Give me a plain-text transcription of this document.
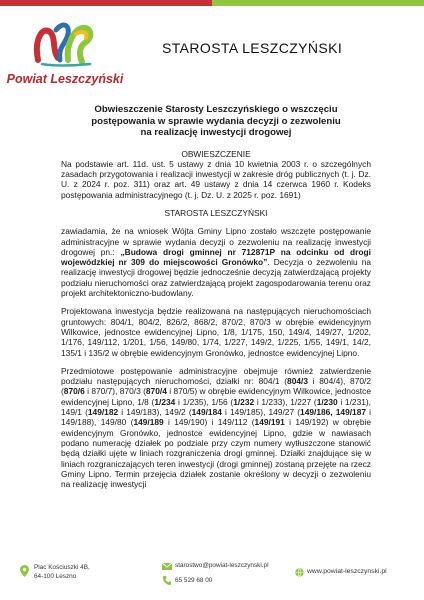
Powiat Leszczyński
STAROSTA LESZCZYŃSKI

Obwieszczenie Starosty Leszczyńskiego o wszczęciu
postępowania w sprawie wydania decyzji o zezwoleniu
na realizację inwestycji drogowej

OBWIESZCZENIE

Na podstawie art. 11d. ust. 5 ustawy z dnia 10 kwietnia 2003 r. o szczególnych zasadach przygotowania i realizacji inwestycji w zakresie dróg publicznych (t. j. Dz. U. z 2024 r. poz. 311) oraz art. 49 ustawy z dnia 14 czerwca 1960 r. Kodeks postępowania administracyjnego (t. j. Dz. U. z 2025 r. poz. 1691)

STAROSTA LESZCZYŃSKI

zawiadamia, że na wniosek Wójta Gminy Lipno zostało wszczęte postępowanie administracyjne w sprawie wydania decyzji o zezwoleniu na realizację inwestycji drogowej pn.: „Budowa drogi gminnej nr 712871P na odcinku od drogi wojewódzkiej nr 309 do miejscowości Gronówko”. Decyzja o zezwoleniu na realizację inwestycji drogowej będzie jednocześnie decyzją zatwierdzającą projekty podziału nieruchomości oraz zatwierdzającą projekt zagospodarowania terenu oraz projekt architektoniczno-budowlany.

Projektowana inwestycja będzie realizowana na następujących nieruchomościach gruntowych: 804/1, 804/2, 826/2, 868/2, 870/2, 870/3 w obrębie ewidencyjnym Wilkowice, jednostce ewidencyjnej Lipno, 1/8, 1/175, 150, 149/4, 149/27, 1/202, 1/176, 149/112, 1/201, 1/56, 149/80, 1/74, 1/227, 149/2, 1/225, 1/55, 149/1, 14/2, 135/1 i 135/2 w obrębie ewidencyjnym Gronówko, jednostce ewidencyjnej Lipno.

Przedmiotowe postępowanie administracyjne obejmuje również zatwierdzenie podziału następujących nieruchomości, działki nr: 804/1 (804/3 i 804/4), 870/2 (870/6 i 870/7), 870/3 (870/4 i 870/5) w obrębie ewidencyjnym Wilkowice, jednostce ewidencyjnej Lipno, 1/8 (1/234 i 1/235), 1/56 (1/232 i 1/233), 1/227 (1/230 i 1/231), 149/1 (149/182 i 149/183), 149/2 (149/184 i 149/185), 149/27 (149/186, 149/187 i 149/188), 149/80 (149/189 i 149/190) i 149/112 (149/191 i 149/192) w obrębie ewidencyjnym Gronówko, jednostce ewidencyjnej Lipno, gdzie w nawiasach podano numerację działek po podziale przy czym numery wytłuszczone stanowić będą działki ujęte w liniach rozgraniczenia drogi gminnej. Działki znajdujące się w liniach rozgraniczających teren inwestycji (drogi gminnej) zostaną przejęte na rzecz Gminy Lipno. Termin przejęcia działek zostanie określony w decyzji o zezwoleniu na realizację inwestycji

Plac Kościuszki 4B,
64-100 Leszno
starostwo@powiat-leszczynski.pl
65 529 68 00
www.powiat-leszczynski.pl
